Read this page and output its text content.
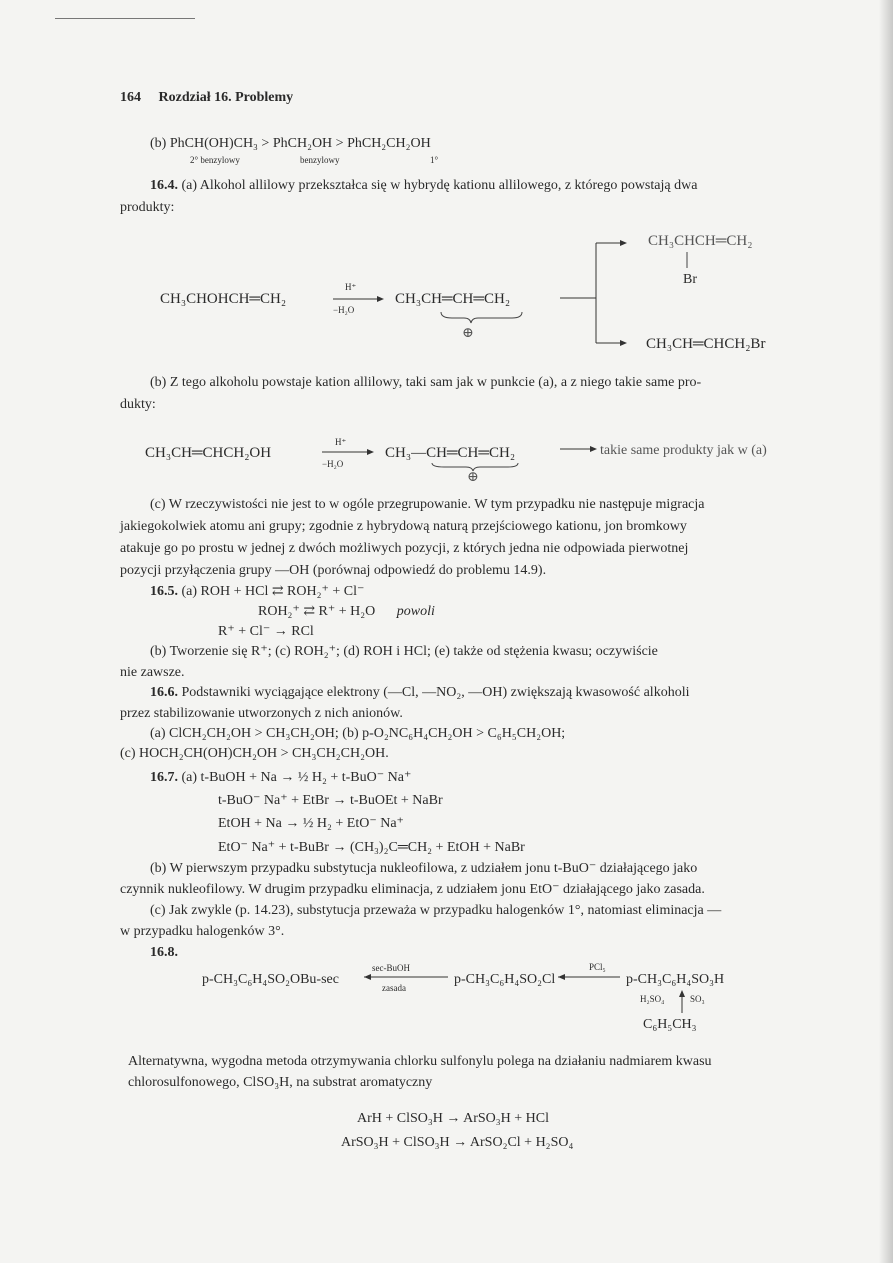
164 Rozdział 16. Problemy
(b) PhCH(OH)CH₃ > PhCH₂OH > PhCH₂CH₂OH
2° benzylowy	benzylowy	1°
16.4. (a) Alkohol allilowy przekształca się w hybrydę kationu allilowego, z którego powstają dwa
produkty:
CH₃CHOHCH═CH₂
H⁺
−H₂O
CH₃CH═CH═CH₂
⊕
CH₃CHCH═CH₂
Br
CH₃CH═CHCH₂Br
(b) Z tego alkoholu powstaje kation allilowy, taki sam jak w punkcie (a), a z niego takie same pro-
dukty:
CH₃CH═CHCH₂OH
H⁺
−H₂O
CH₃—CH═CH═CH₂
⊕
takie same produkty jak w (a)
(c) W rzeczywistości nie jest to w ogóle przegrupowanie. W tym przypadku nie następuje migracja
jakiegokolwiek atomu ani grupy; zgodnie z hybrydową naturą przejściowego kationu, jon bromkowy
atakuje go po prostu w jednej z dwóch możliwych pozycji, z których jedna nie odpowiada pierwotnej
pozycji przyłączenia grupy —OH (porównaj odpowiedź do problemu 14.9).
16.5. (a) ROH + HCl ⇄ ROH₂⁺ + Cl⁻
ROH₂⁺ ⇄ R⁺ + H₂O powoli
R⁺ + Cl⁻ → RCl
(b) Tworzenie się R⁺; (c) ROH₂⁺; (d) ROH i HCl; (e) także od stężenia kwasu; oczywiście
nie zawsze.
16.6. Podstawniki wyciągające elektrony (—Cl, —NO₂, —OH) zwiększają kwasowość alkoholi
przez stabilizowanie utworzonych z nich anionów.
(a) ClCH₂CH₂OH > CH₃CH₂OH; (b) p-O₂NC₆H₄CH₂OH > C₆H₅CH₂OH;
(c) HOCH₂CH(OH)CH₂OH > CH₃CH₂CH₂OH.
16.7. (a) t-BuOH + Na → ½ H₂ + t-BuO⁻ Na⁺
t-BuO⁻ Na⁺ + EtBr → t-BuOEt + NaBr
EtOH + Na → ½ H₂ + EtO⁻ Na⁺
EtO⁻ Na⁺ + t-BuBr → (CH₃)₂C═CH₂ + EtOH + NaBr
(b) W pierwszym przypadku substytucja nukleofilowa, z udziałem jonu t-BuO⁻ działającego jako
czynnik nukleofilowy. W drugim przypadku eliminacja, z udziałem jonu EtO⁻ działającego jako zasada.
(c) Jak zwykle (p. 14.23), substytucja przeważa w przypadku halogenków 1°, natomiast eliminacja —
w przypadku halogenków 3°.
16.8.
p-CH₃C₆H₄SO₂OBu-sec
sec-BuOH
zasada
p-CH₃C₆H₄SO₂Cl
PCl₅
p-CH₃C₆H₄SO₃H
H₂SO₄	SO₃
C₆H₅CH₃
Alternatywna, wygodna metoda otrzymywania chlorku sulfonylu polega na działaniu nadmiarem kwasu
chlorosulfonowego, ClSO₃H, na substrat aromatyczny
ArH + ClSO₃H → ArSO₃H + HCl
ArSO₃H + ClSO₃H → ArSO₂Cl + H₂SO₄
